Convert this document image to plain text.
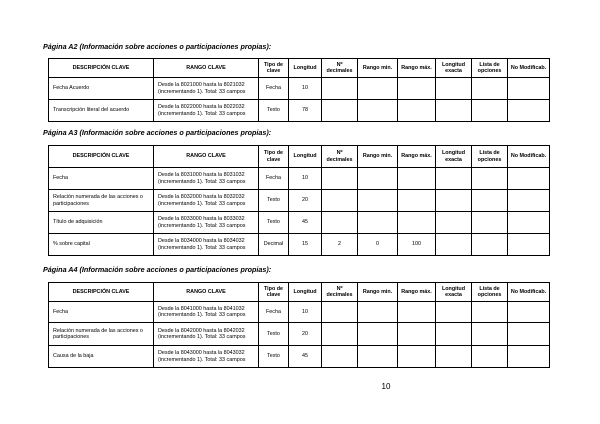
Página A2 (Información sobre acciones o participaciones propias):
DESCRIPCIÓN CLAVE	RANGO CLAVE	Tipo de clave	Longitud	Nº decimales	Rango min.	Rango máx.	Longitud exacta	Lista de opciones	No Modificab.
Fecha Acuerdo	Desde la 8021000 hasta la 8021032 (incrementando 1). Total: 33 campos	Fecha	10						
Transcripción literal del acuerdo	Desde la 8022000 hasta la 8022032 (incrementando 1). Total: 33 campos	Texto	78						
Página A3 (Información sobre acciones o participaciones propias):
DESCRIPCIÓN CLAVE	RANGO CLAVE	Tipo de clave	Longitud	Nº decimales	Rango min.	Rango máx.	Longitud exacta	Lista de opciones	No Modificab.
Fecha	Desde la 8031000 hasta la 8031032 (incrementando 1). Total: 33 campos	Fecha	10						
Relación numerada de las acciones o participaciones	Desde la 8032000 hasta la 8032032 (incrementando 1). Total: 33 campos	Texto	20						
Título de adquisición	Desde la 8033000 hasta la 8033032 (incrementando 1). Total: 33 campos	Texto	45						
% sobre capital	Desde la 8034000 hasta la 8034032 (incrementando 1). Total: 33 campos	Decimal	15	2	0	100			
Página A4 (Información sobre acciones o participaciones propias):
DESCRIPCIÓN CLAVE	RANGO CLAVE	Tipo de clave	Longitud	Nº decimales	Rango min.	Rango máx.	Longitud exacta	Lista de opciones	No Modificab.
Fecha	Desde la 8041000 hasta la 8041032 (incrementando 1). Total: 33 campos	Fecha	10						
Relación numerada de las acciones o participaciones	Desde la 8042000 hasta la 8042032 (incrementando 1). Total: 33 campos	Texto	20						
Causa de la baja	Desde la 8043000 hasta la 8043032 (incrementando 1). Total: 33 campos	Texto	45						
10
